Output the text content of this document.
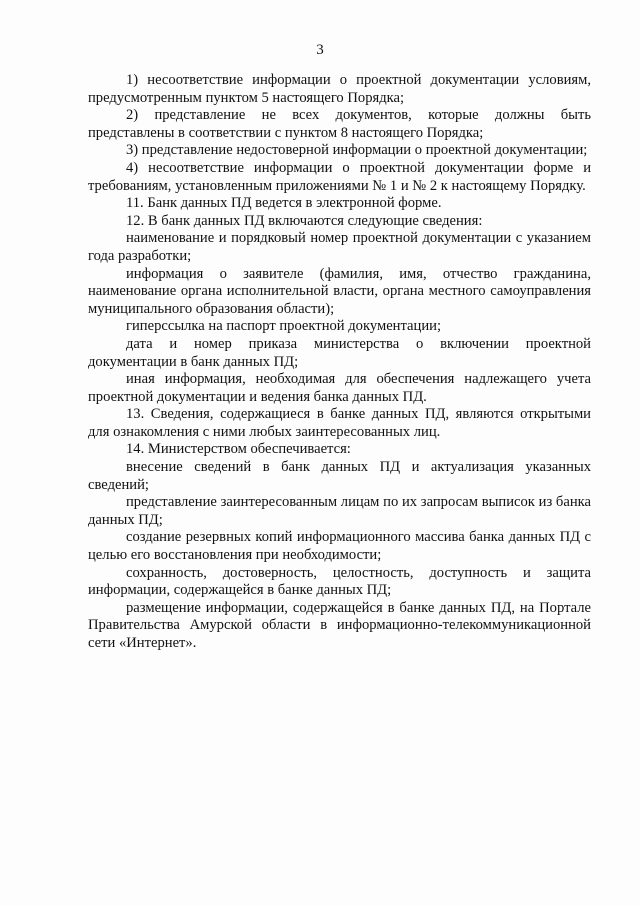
3

1) несоответствие информации о проектной документации условиям, предусмотренным пунктом 5 настоящего Порядка;

2) представление не всех документов, которые должны быть представлены в соответствии с пунктом 8 настоящего Порядка;

3) представление недостоверной информации о проектной документации;

4) несоответствие информации о проектной документации форме и требованиям, установленным приложениями № 1 и № 2 к настоящему Порядку.

11. Банк данных ПД ведется в электронной форме.

12. В банк данных ПД включаются следующие сведения:

наименование и порядковый номер проектной документации с указанием года разработки;

информация о заявителе (фамилия, имя, отчество гражданина, наименование органа исполнительной власти, органа местного самоуправления муниципального образования области);

гиперссылка на паспорт проектной документации;

дата и номер приказа министерства о включении проектной документации в банк данных ПД;

иная информация, необходимая для обеспечения надлежащего учета проектной документации и ведения банка данных ПД.

13. Сведения, содержащиеся в банке данных ПД, являются открытыми для ознакомления с ними любых заинтересованных лиц.

14. Министерством обеспечивается:

внесение сведений в банк данных ПД и актуализация указанных сведений;

представление заинтересованным лицам по их запросам выписок из банка данных ПД;

создание резервных копий информационного массива банка данных ПД с целью его восстановления при необходимости;

сохранность, достоверность, целостность, доступность и защита информации, содержащейся в банке данных ПД;

размещение информации, содержащейся в банке данных ПД, на Портале Правительства Амурской области в информационно-телекоммуникационной сети «Интернет».
